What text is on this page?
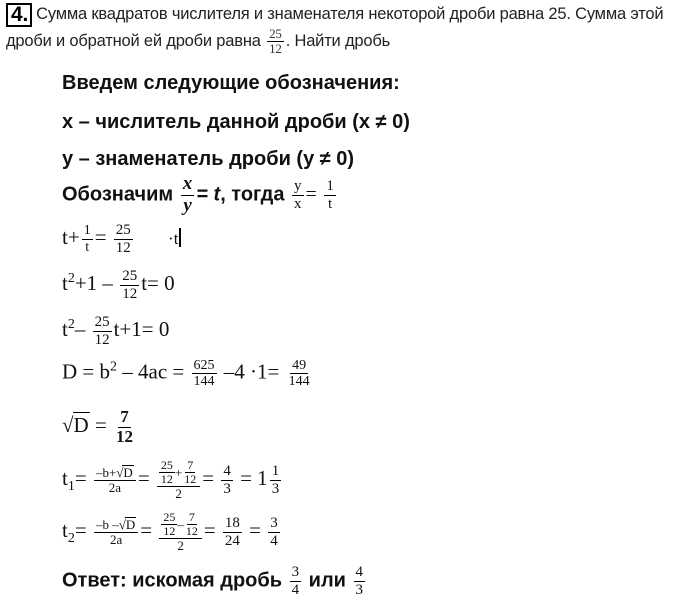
4. Сумма квадратов числителя и знаменателя некоторой дроби равна 25. Сумма этой дроби и обратной ей дроби равна $\frac{25}{12}$ . Найти дробь
Введем следующие обозначения:
x – числитель данной дроби (x ≠ 0)
y – знаменатель дроби (y ≠ 0)
Обозначим $\frac{x}{y} = t$, тогда $\frac{y}{x} = \frac{1}{t}$
$t+ \frac{1}{t} = \frac{25}{12} \cdot t$
$t^2+1 - \frac{25}{12} t= 0$
$t^2- \frac{25}{12} t+1= 0$
$D = b^2 - 4ac = \frac{625}{144} -4 \cdot 1= \frac{49}{144}$
$√D = \frac{7}{12}$
$t_1= \frac{-b+√D}{2a} = \frac{\frac{25}{12} + \frac{7}{12}}{2} = \frac{4}{3} = 1 \frac{1}{3}$
$t_2= \frac{-b -√D}{2a} = \frac{\frac{25}{12} - \frac{7}{12}}{2} = \frac{18}{24} = \frac{3}{4}$
Ответ: искомая дробь $\frac{3}{4}$ или $\frac{4}{3}$
